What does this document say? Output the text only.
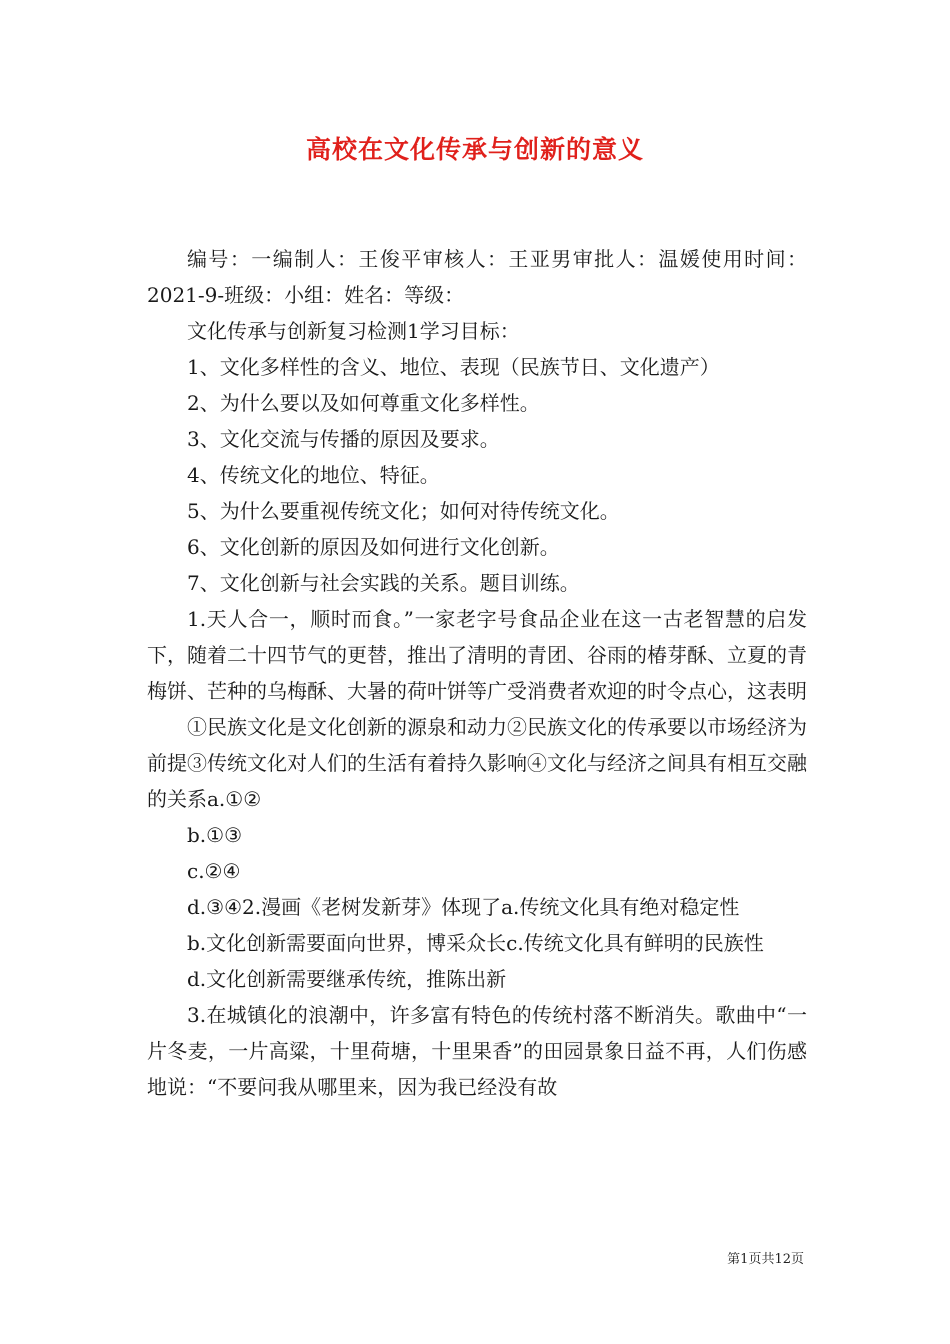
高校在文化传承与创新的意义

编号：一编制人：王俊平审核人：王亚男审批人：温媛使用时间：2021-9-班级：小组：姓名：等级：

文化传承与创新复习检测1学习目标：

1、文化多样性的含义、地位、表现（民族节日、文化遗产）

2、为什么要以及如何尊重文化多样性。

3、文化交流与传播的原因及要求。

4、传统文化的地位、特征。

5、为什么要重视传统文化；如何对待传统文化。

6、文化创新的原因及如何进行文化创新。

7、文化创新与社会实践的关系。题目训练。

1.天人合一，顺时而食。”一家老字号食品企业在这一古老智慧的启发下，随着二十四节气的更替，推出了清明的青团、谷雨的椿芽酥、立夏的青梅饼、芒种的乌梅酥、大暑的荷叶饼等广受消费者欢迎的时令点心，这表明

①民族文化是文化创新的源泉和动力②民族文化的传承要以市场经济为前提③传统文化对人们的生活有着持久影响④文化与经济之间具有相互交融的关系a.①②

b.①③

c.②④

d.③④2.漫画《老树发新芽》体现了a.传统文化具有绝对稳定性

b.文化创新需要面向世界，博采众长c.传统文化具有鲜明的民族性

d.文化创新需要继承传统，推陈出新

3.在城镇化的浪潮中，许多富有特色的传统村落不断消失。歌曲中“一片冬麦，一片高粱，十里荷塘，十里果香”的田园景象日益不再，人们伤感地说：“不要问我从哪里来，因为我已经没有故

第1页共12页
